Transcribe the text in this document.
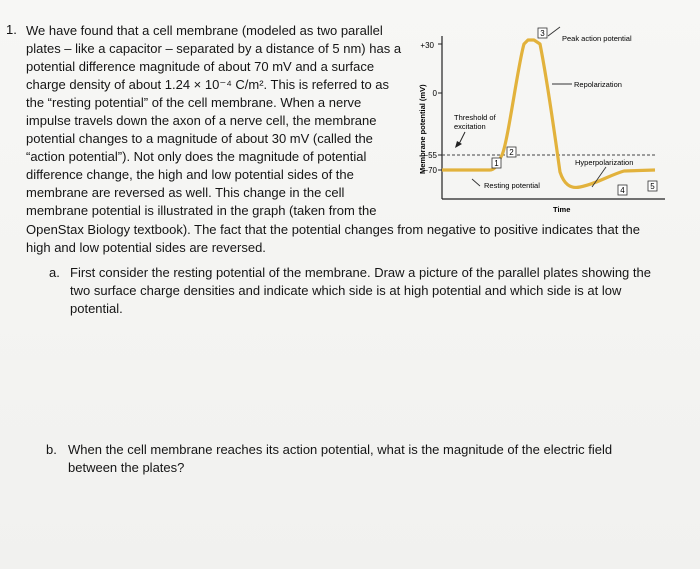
1. We have found that a cell membrane (modeled as two parallel
plates – like a capacitor – separated by a distance of 5 nm) has a
potential difference magnitude of about 70 mV and a surface
charge density of about 1.24 × 10⁻⁴ C/m². This is referred to as
the “resting potential” of the cell membrane. When a nerve
impulse travels down the axon of a nerve cell, the membrane
potential changes to a magnitude of about 30 mV (called the
“action potential”). Not only does the magnitude of potential
difference change, the high and low potential sides of the
membrane are reversed as well. This change in the cell
membrane potential is illustrated in the graph (taken from the
OpenStax Biology textbook). The fact that the potential changes from negative to positive indicates that the
high and low potential sides are reversed.
a. First consider the resting potential of the membrane. Draw a picture of the parallel plates showing the
two surface charge densities and indicate which side is at high potential and which side is at low
potential.
b. When the cell membrane reaches its action potential, what is the magnitude of the electric field
between the plates?
+30
0
−55
−70
Membrane potential (mV)	1
2
3
4	5
Peak action potential
Repolarization
Threshold of
excitation
Hyperpolarization
Resting potential
Time
